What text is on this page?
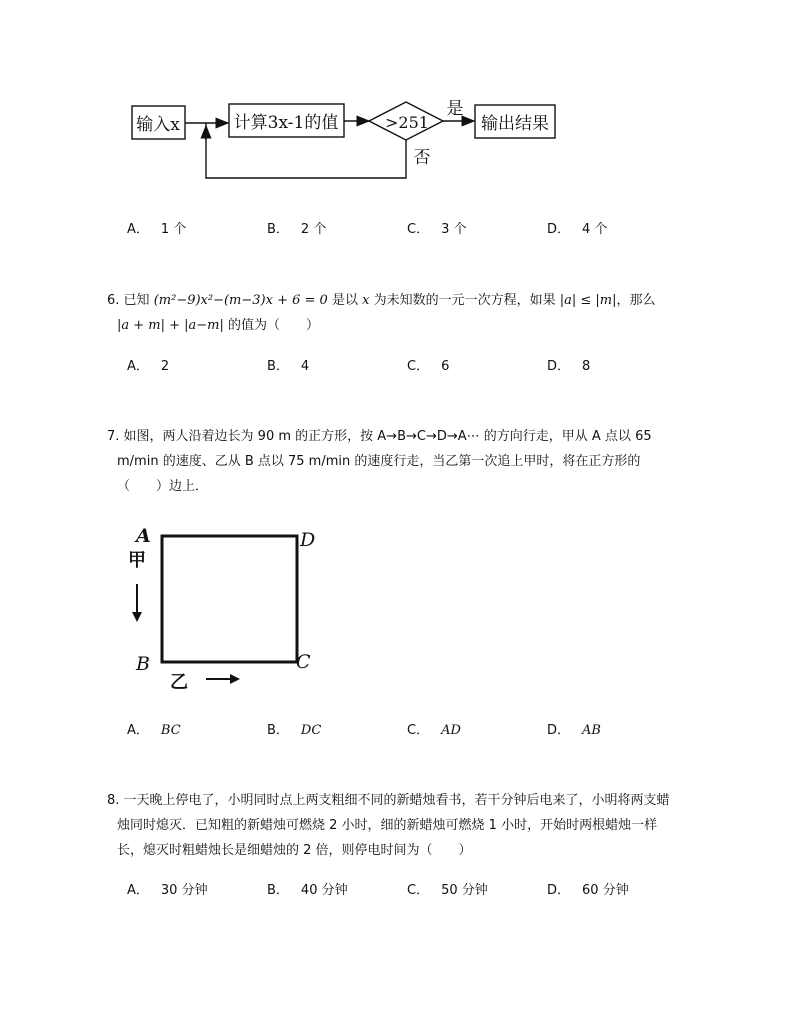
输入x	计算3x-1的值	>251
是
输出结果
否
A． 1 个	B． 2 个	C． 3 个	D． 4 个
6. 已知 (m²−9)x²−(m−3)x + 6 = 0 是以 x 为未知数的一元一次方程，如果 |a| ≤ |m|，那么
|a + m| + |a−m| 的值为（　　）
A． 2	B． 4	C． 6	D． 8
7. 如图，两人沿着边长为 90 m 的正方形，按 A→B→C→D→A⋯ 的方向行走，甲从 A 点以 65
m/min 的速度、乙从 B 点以 75 m/min 的速度行走，当乙第一次追上甲时，将在正方形的
（　　）边上．
A	D
B	C
甲
乙
A． BC	B． DC	C． AD	D． AB
8. 一天晚上停电了，小明同时点上两支粗细不同的新蜡烛看书，若干分钟后电来了，小明将两支蜡
烛同时熄灭．已知粗的新蜡烛可燃烧 2 小时，细的新蜡烛可燃烧 1 小时，开始时两根蜡烛一样
长，熄灭时粗蜡烛长是细蜡烛的 2 倍，则停电时间为（　　）
A． 30 分钟	B． 40 分钟	C． 50 分钟	D． 60 分钟
